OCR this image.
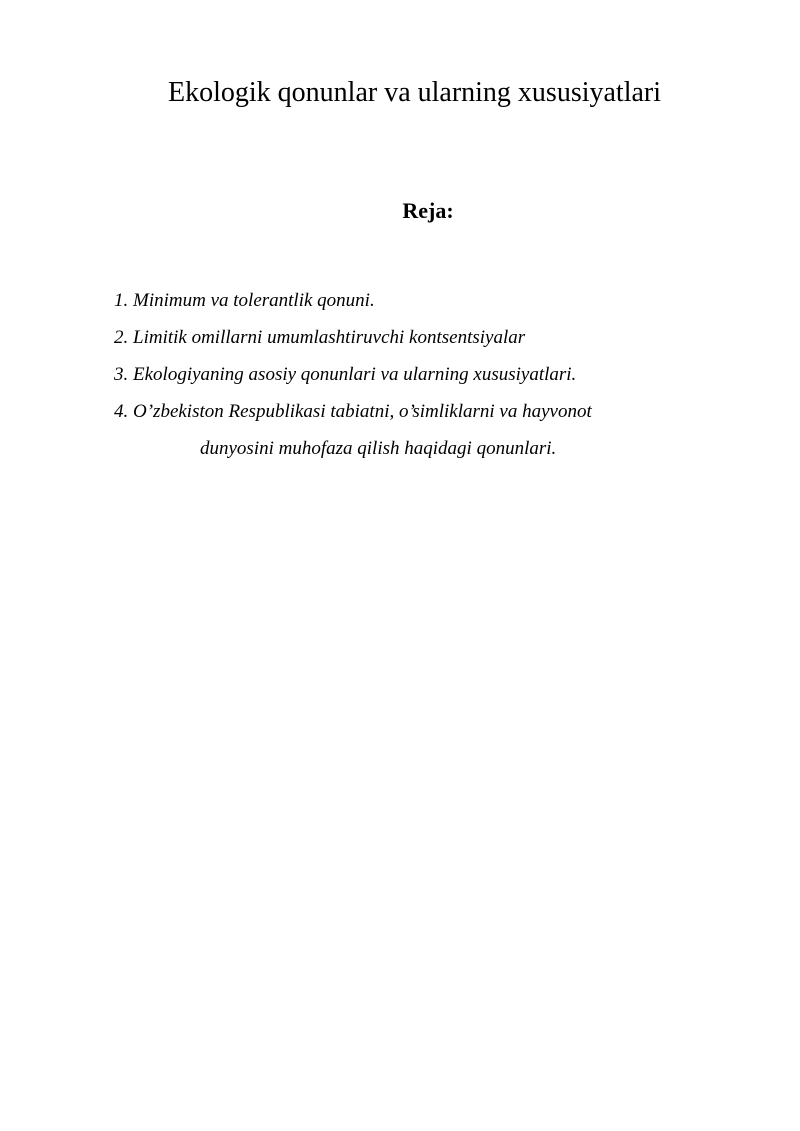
Ekologik qonunlar va ularning xususiyatlari
Reja:
1. Minimum va tolerantlik qonuni.
2. Limitik omillarni umumlashtiruvchi kontsentsiyalar
3. Ekologiyaning asosiy qonunlari va ularning xususiyatlari.
4. O’zbekiston Respublikasi tabiatni, o’simliklarni va hayvonot
dunyosini muhofaza qilish haqidagi qonunlari.
